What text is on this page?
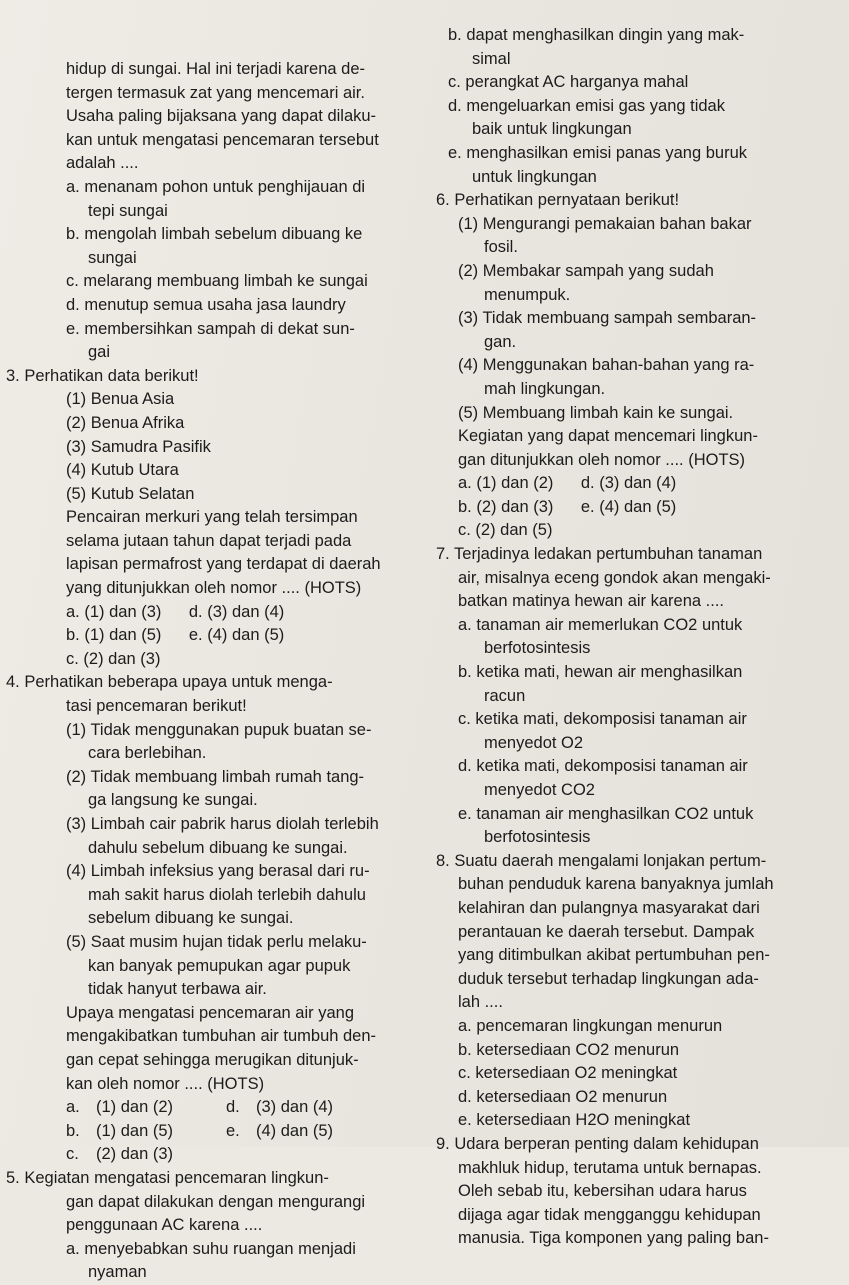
hidup di sungai. Hal ini terjadi karena de-
tergen termasuk zat yang mencemari air.
Usaha paling bijaksana yang dapat dilaku-
kan untuk mengatasi pencemaran tersebut
adalah ....
a. menanam pohon untuk penghijauan di
tepi sungai
b. mengolah limbah sebelum dibuang ke
sungai
c. melarang membuang limbah ke sungai
d. menutup semua usaha jasa laundry
e. membersihkan sampah di dekat sun-
gai
3. Perhatikan data berikut!
(1) Benua Asia
(2) Benua Afrika
(3) Samudra Pasifik
(4) Kutub Utara
(5) Kutub Selatan
Pencairan merkuri yang telah tersimpan
selama jutaan tahun dapat terjadi pada
lapisan permafrost yang terdapat di daerah
yang ditunjukkan oleh nomor .... (HOTS)
a. (1) dan (3)      d. (3) dan (4)
b. (1) dan (5)      e. (4) dan (5)
c. (2) dan (3)
4. Perhatikan beberapa upaya untuk menga-
tasi pencemaran berikut!
(1) Tidak menggunakan pupuk buatan se-
cara berlebihan.
(2) Tidak membuang limbah rumah tang-
ga langsung ke sungai.
(3) Limbah cair pabrik harus diolah terlebih
dahulu sebelum dibuang ke sungai.
(4) Limbah infeksius yang berasal dari ru-
mah sakit harus diolah terlebih dahulu
sebelum dibuang ke sungai.
(5) Saat musim hujan tidak perlu melaku-
kan banyak pemupukan agar pupuk
tidak hanyut terbawa air.
Upaya mengatasi pencemaran air yang
mengakibatkan tumbuhan air tumbuh den-
gan cepat sehingga merugikan ditunjuk-
kan oleh nomor .... (HOTS)
a. (1) dan (2)	d. (3) dan (4)
b. (1) dan (5)	e. (4) dan (5)
c.	(2) dan (3)
5. Kegiatan mengatasi pencemaran lingkun-
gan dapat dilakukan dengan mengurangi
penggunaan AC karena ....
a. menyebabkan suhu ruangan menjadi
nyaman
b. dapat menghasilkan dingin yang mak-
simal
c. perangkat AC harganya mahal
d. mengeluarkan emisi gas yang tidak
baik untuk lingkungan
e. menghasilkan emisi panas yang buruk
untuk lingkungan
6. Perhatikan pernyataan berikut!
(1) Mengurangi pemakaian bahan bakar
fosil.
(2) Membakar sampah yang sudah
menumpuk.
(3) Tidak membuang sampah sembaran-
gan.
(4) Menggunakan bahan-bahan yang ra-
mah lingkungan.
(5) Membuang limbah kain ke sungai.
Kegiatan yang dapat mencemari lingkun-
gan ditunjukkan oleh nomor .... (HOTS)
a. (1) dan (2)      d. (3) dan (4)
b. (2) dan (3)      e. (4) dan (5)
c. (2) dan (5)
7. Terjadinya ledakan pertumbuhan tanaman
air, misalnya eceng gondok akan mengaki-
batkan matinya hewan air karena ....
a. tanaman air memerlukan CO2 untuk
berfotosintesis
b. ketika mati, hewan air menghasilkan
racun
c. ketika mati, dekomposisi tanaman air
menyedot O2
d. ketika mati, dekomposisi tanaman air
menyedot CO2
e. tanaman air menghasilkan CO2 untuk
berfotosintesis
8. Suatu daerah mengalami lonjakan pertum-
buhan penduduk karena banyaknya jumlah
kelahiran dan pulangnya masyarakat dari
perantauan ke daerah tersebut. Dampak
yang ditimbulkan akibat pertumbuhan pen-
duduk tersebut terhadap lingkungan ada-
lah ....
a. pencemaran lingkungan menurun
b. ketersediaan CO2 menurun
c. ketersediaan O2 meningkat
d. ketersediaan O2 menurun
e. ketersediaan H2O meningkat
9. Udara berperan penting dalam kehidupan
makhluk hidup, terutama untuk bernapas.
Oleh sebab itu, kebersihan udara harus
dijaga agar tidak mengganggu kehidupan
manusia. Tiga komponen yang paling ban-
